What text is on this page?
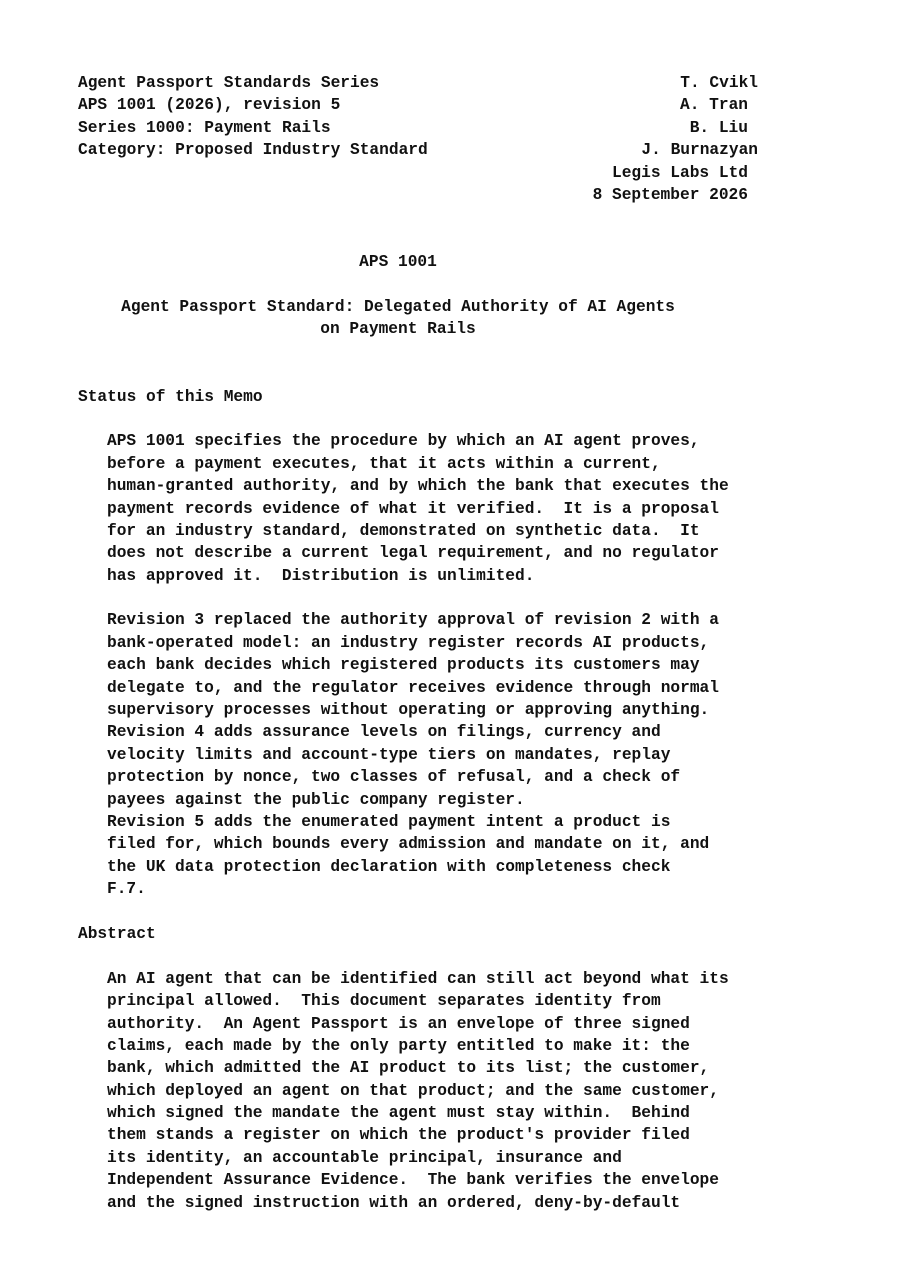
Agent Passport Standards Series	T. Cvikl
APS 1001 (2026), revision 5	A. Tran
Series 1000: Payment Rails	B. Liu
Category: Proposed Industry Standard	J. Burnazyan
Legis Labs Ltd
8 September 2026
APS 1001
Agent Passport Standard: Delegated Authority of AI Agents
on Payment Rails
Status of this Memo
APS 1001 specifies the procedure by which an AI agent proves,
before a payment executes, that it acts within a current,
human-granted authority, and by which the bank that executes the
payment records evidence of what it verified.  It is a proposal
for an industry standard, demonstrated on synthetic data.  It
does not describe a current legal requirement, and no regulator
has approved it.  Distribution is unlimited.
Revision 3 replaced the authority approval of revision 2 with a
bank-operated model: an industry register records AI products,
each bank decides which registered products its customers may
delegate to, and the regulator receives evidence through normal
supervisory processes without operating or approving anything.
Revision 4 adds assurance levels on filings, currency and
velocity limits and account-type tiers on mandates, replay
protection by nonce, two classes of refusal, and a check of
payees against the public company register.
Revision 5 adds the enumerated payment intent a product is
filed for, which bounds every admission and mandate on it, and
the UK data protection declaration with completeness check
F.7.
Abstract
An AI agent that can be identified can still act beyond what its
principal allowed.  This document separates identity from
authority.  An Agent Passport is an envelope of three signed
claims, each made by the only party entitled to make it: the
bank, which admitted the AI product to its list; the customer,
which deployed an agent on that product; and the same customer,
which signed the mandate the agent must stay within.  Behind
them stands a register on which the product's provider filed
its identity, an accountable principal, insurance and
Independent Assurance Evidence.  The bank verifies the envelope
and the signed instruction with an ordered, deny-by-default
